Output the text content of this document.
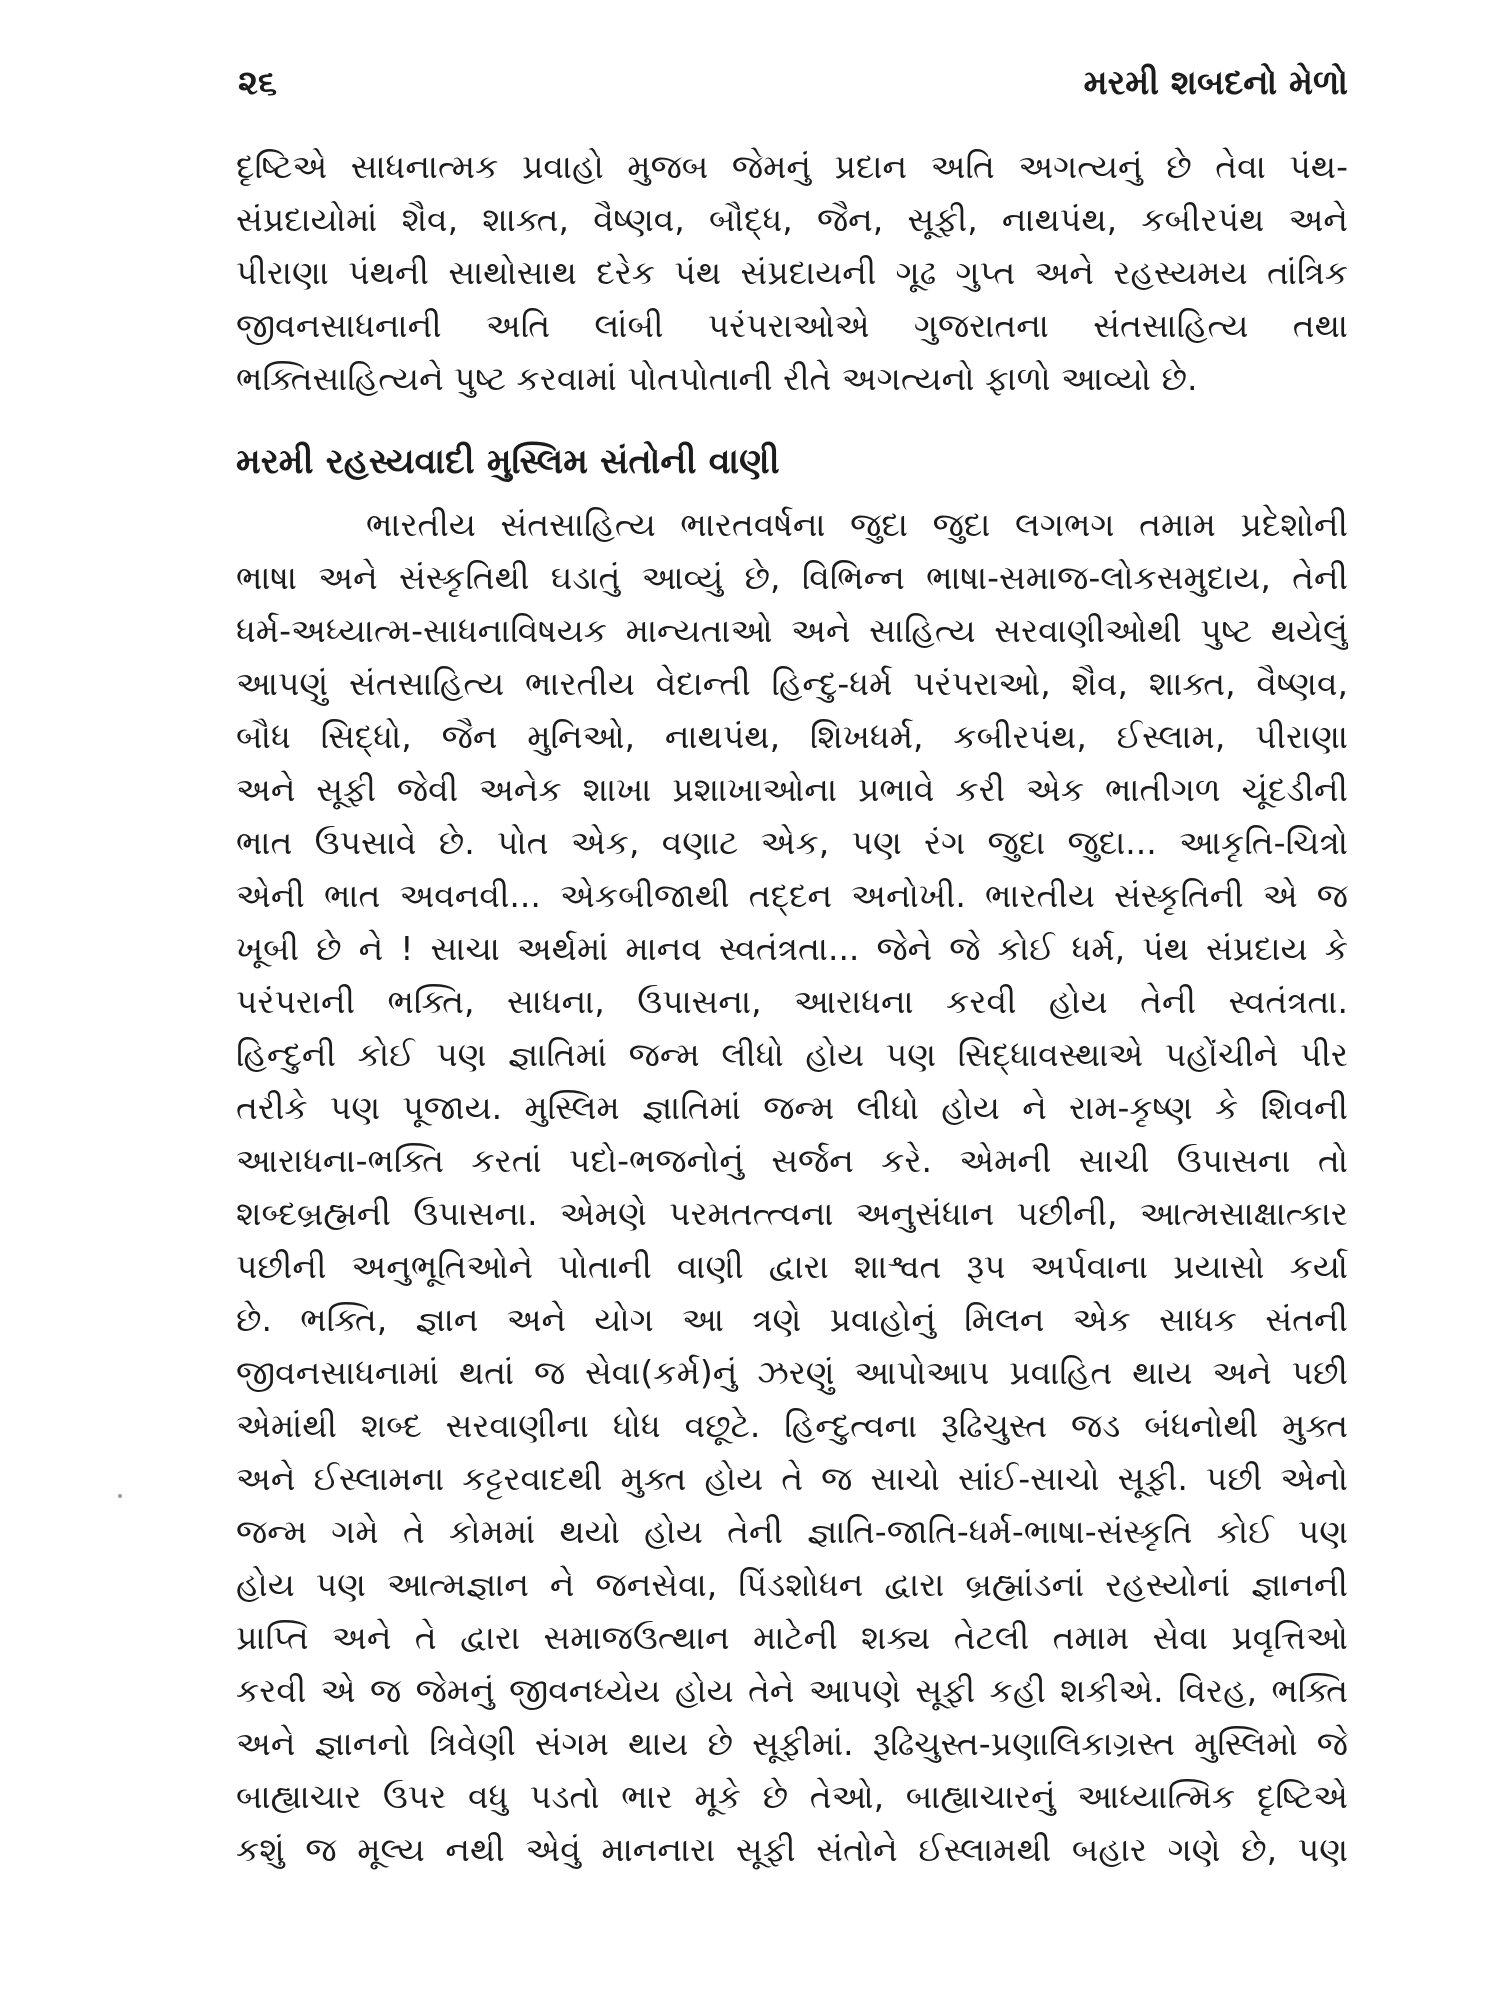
૨૬	મરમી શબદનો મેળો
દૃષ્ટિએ સાધનાત્મક પ્રવાહો મુજબ જેમનું પ્રદાન અતિ અગત્યનું છે તેવા પંથ-
સંપ્રદાયોમાં શૈવ, શાક્ત, વૈષ્ણવ, બૌદ્ધ, જૈન, સૂફી, નાથપંથ, કબીરપંથ અને
પીરાણા પંથની સાથોસાથ દરેક પંથ સંપ્રદાયની ગૂઢ ગુપ્ત અને રહસ્યમય તાંત્રિક
જીવનસાધનાની અતિ લાંબી પરંપરાઓએ ગુજરાતના સંતસાહિત્ય તથા
ભક્તિસાહિત્યને પુષ્ટ કરવામાં પોતપોતાની રીતે અગત્યનો ફાળો આવ્યો છે.
મરમી રહસ્યવાદી મુસ્લિમ સંતોની વાણી
ભારતીય સંતસાહિત્ય ભારતવર્ષના જુદા જુદા લગભગ તમામ પ્રદેશોની
ભાષા અને સંસ્કૃતિથી ઘડાતું આવ્યું છે, વિભિન્ન ભાષા-સમાજ-લોકસમુદાય, તેની
ધર્મ-અધ્યાત્મ-સાધનાવિષયક માન્યતાઓ અને સાહિત્ય સરવાણીઓથી પુષ્ટ થયેલું
આપણું સંતસાહિત્ય ભારતીય વેદાન્તી હિન્દુ-ધર્મ પરંપરાઓ, શૈવ, શાક્ત, વૈષ્ણવ,
બૌધ સિદ્ધો, જૈન મુનિઓ, નાથપંથ, શિખધર્મ, કબીરપંથ, ઈસ્લામ, પીરાણા
અને સૂફી જેવી અનેક શાખા પ્રશાખાઓના પ્રભાવે કરી એક ભાતીગળ ચૂંદડીની
ભાત ઉપસાવે છે. પોત એક, વણાટ એક, પણ રંગ જુદા જુદા... આકૃતિ-ચિત્રો
એની ભાત અવનવી... એકબીજાથી તદ્દન અનોખી. ભારતીય સંસ્કૃતિની એ જ
ખૂબી છે ને ! સાચા અર્થમાં માનવ સ્વતંત્રતા... જેને જે કોઈ ધર્મ, પંથ સંપ્રદાય કે
પરંપરાની ભક્તિ, સાધના, ઉપાસના, આરાધના કરવી હોય તેની સ્વતંત્રતા.
હિન્દુની કોઈ પણ જ્ઞાતિમાં જન્મ લીધો હોય પણ સિદ્ધાવસ્થાએ પહોંચીને પીર
તરીકે પણ પૂજાય. મુસ્લિમ જ્ઞાતિમાં જન્મ લીધો હોય ને રામ-કૃષ્ણ કે શિવની
આરાધના-ભક્તિ કરતાં પદો-ભજનોનું સર્જન કરે. એમની સાચી ઉપાસના તો
શબ્દબ્રહ્મની ઉપાસના. એમણે પરમતત્ત્વના અનુસંધાન પછીની, આત્મસાક્ષાત્કાર
પછીની અનુભૂતિઓને પોતાની વાણી દ્વારા શાશ્વત રૂપ અર્પવાના પ્રયાસો કર્યા
છે. ભક્તિ, જ્ઞાન અને યોગ આ ત્રણે પ્રવાહોનું મિલન એક સાધક સંતની
જીવનસાધનામાં થતાં જ સેવા(કર્મ)નું ઝરણું આપોઆપ પ્રવાહિત થાય અને પછી
એમાંથી શબ્દ સરવાણીના ધોધ વછૂટે. હિન્દુત્વના રૂઢિચુસ્ત જડ બંધનોથી મુક્ત
અને ઈસ્લામના કટ્ટરવાદથી મુક્ત હોય તે જ સાચો સાંઈ-સાચો સૂફી. પછી એનો
જન્મ ગમે તે કોમમાં થયો હોય તેની જ્ઞાતિ-જાતિ-ધર્મ-ભાષા-સંસ્કૃતિ કોઈ પણ
હોય પણ આત્મજ્ઞાન ને જનસેવા, પિંડશોધન દ્વારા બ્રહ્માંડનાં રહસ્યોનાં જ્ઞાનની
પ્રાપ્તિ અને તે દ્વારા સમાજઉત્થાન માટેની શક્ય તેટલી તમામ સેવા પ્રવૃત્તિઓ
કરવી એ જ જેમનું જીવનધ્યેય હોય તેને આપણે સૂફી કહી શકીએ. વિરહ, ભક્તિ
અને જ્ઞાનનો ત્રિવેણી સંગમ થાય છે સૂફીમાં. રૂઢિચુસ્ત-પ્રણાલિકાગ્રસ્ત મુસ્લિમો જે
બાહ્યાચાર ઉપર વધુ પડતો ભાર મૂકે છે તેઓ, બાહ્યાચારનું આધ્યાત્મિક દૃષ્ટિએ
કશું જ મૂલ્ય નથી એવું માનનારા સૂફી સંતોને ઈસ્લામથી બહાર ગણે છે, પણ
